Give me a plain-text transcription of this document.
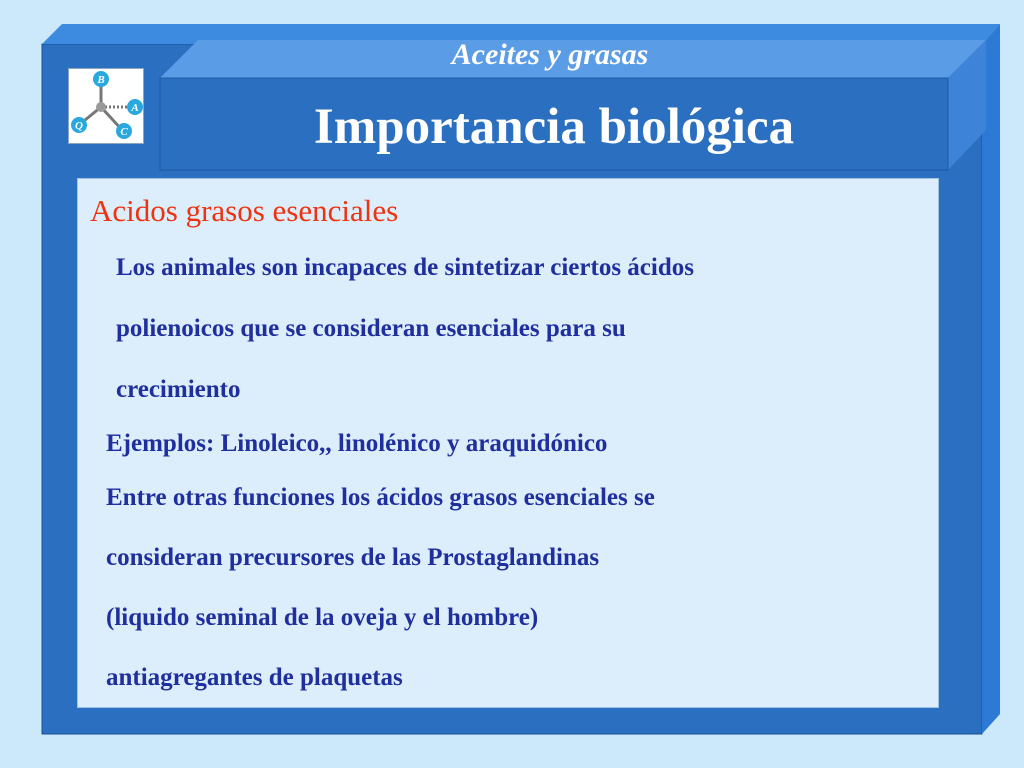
B
A
C
Q
Aceites y grasas
Importancia biológica
Acidos grasos esenciales
Los animales son incapaces de sintetizar ciertos ácidos
polienoicos que se consideran esenciales para su
crecimiento
Ejemplos: Linoleico,, linolénico y araquidónico
Entre otras funciones los ácidos grasos esenciales se
consideran precursores de las Prostaglandinas
(liquido seminal de la oveja y el hombre)
antiagregantes de plaquetas
